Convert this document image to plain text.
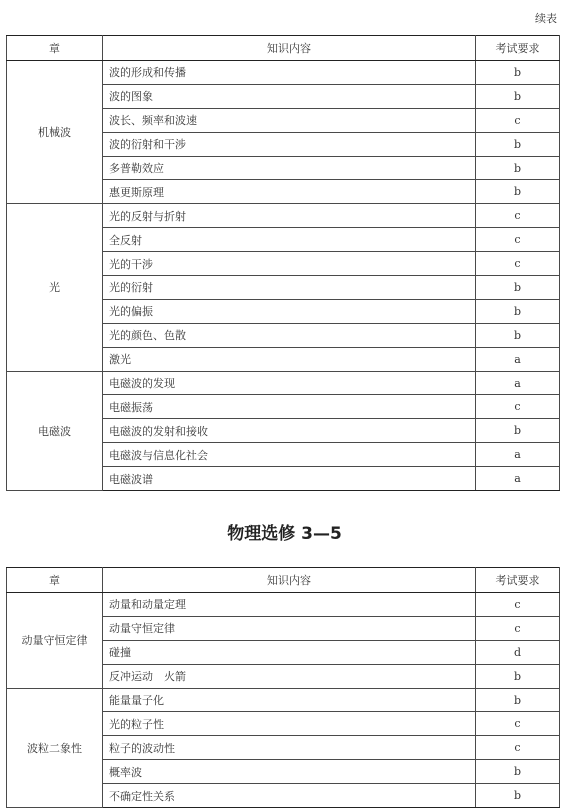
续表
章	知识内容	考试要求
机械波	波的形成和传播	b
	波的图象	b
	波长、频率和波速	c
	波的衍射和干涉	b
	多普勒效应	b
	惠更斯原理	b
光	光的反射与折射	c
	全反射	c
	光的干涉	c
	光的衍射	b
	光的偏振	b
	光的颜色、色散	b
	激光	a
电磁波	电磁波的发现	a
	电磁振荡	c
	电磁波的发射和接收	b
	电磁波与信息化社会	a
	电磁波谱	a
物理选修 3—5
章	知识内容	考试要求
动量守恒定律	动量和动量定理	c
	动量守恒定律	c
	碰撞	d
	反冲运动　火箭	b
波粒二象性	能量量子化	b
	光的粒子性	c
	粒子的波动性	c
	概率波	b
	不确定性关系	b
